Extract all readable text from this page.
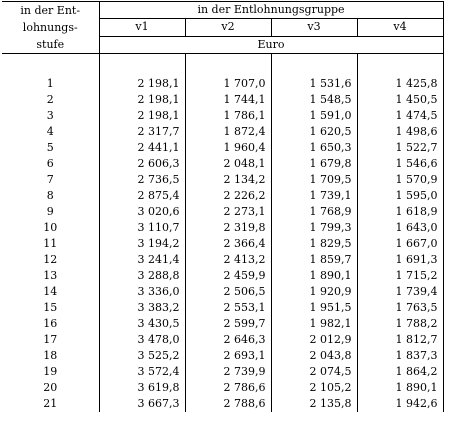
in der Ent-
lohnungs-
stufe	in der Entlohnungsgruppe			
	v1	v2	v3	v4
	Euro			

1	2 198,1	1 707,0	1 531,6	1 425,8
2	2 198,1	1 744,1	1 548,5	1 450,5
3	2 198,1	1 786,1	1 591,0	1 474,5
4	2 317,7	1 872,4	1 620,5	1 498,6
5	2 441,1	1 960,4	1 650,3	1 522,7
6	2 606,3	2 048,1	1 679,8	1 546,6
7	2 736,5	2 134,2	1 709,5	1 570,9
8	2 875,4	2 226,2	1 739,1	1 595,0
9	3 020,6	2 273,1	1 768,9	1 618,9
10	3 110,7	2 319,8	1 799,3	1 643,0
11	3 194,2	2 366,4	1 829,5	1 667,0
12	3 241,4	2 413,2	1 859,7	1 691,3
13	3 288,8	2 459,9	1 890,1	1 715,2
14	3 336,0	2 506,5	1 920,9	1 739,4
15	3 383,2	2 553,1	1 951,5	1 763,5
16	3 430,5	2 599,7	1 982,1	1 788,2
17	3 478,0	2 646,3	2 012,9	1 812,7
18	3 525,2	2 693,1	2 043,8	1 837,3
19	3 572,4	2 739,9	2 074,5	1 864,2
20	3 619,8	2 786,6	2 105,2	1 890,1
21	3 667,3	2 788,6	2 135,8	1 942,6
